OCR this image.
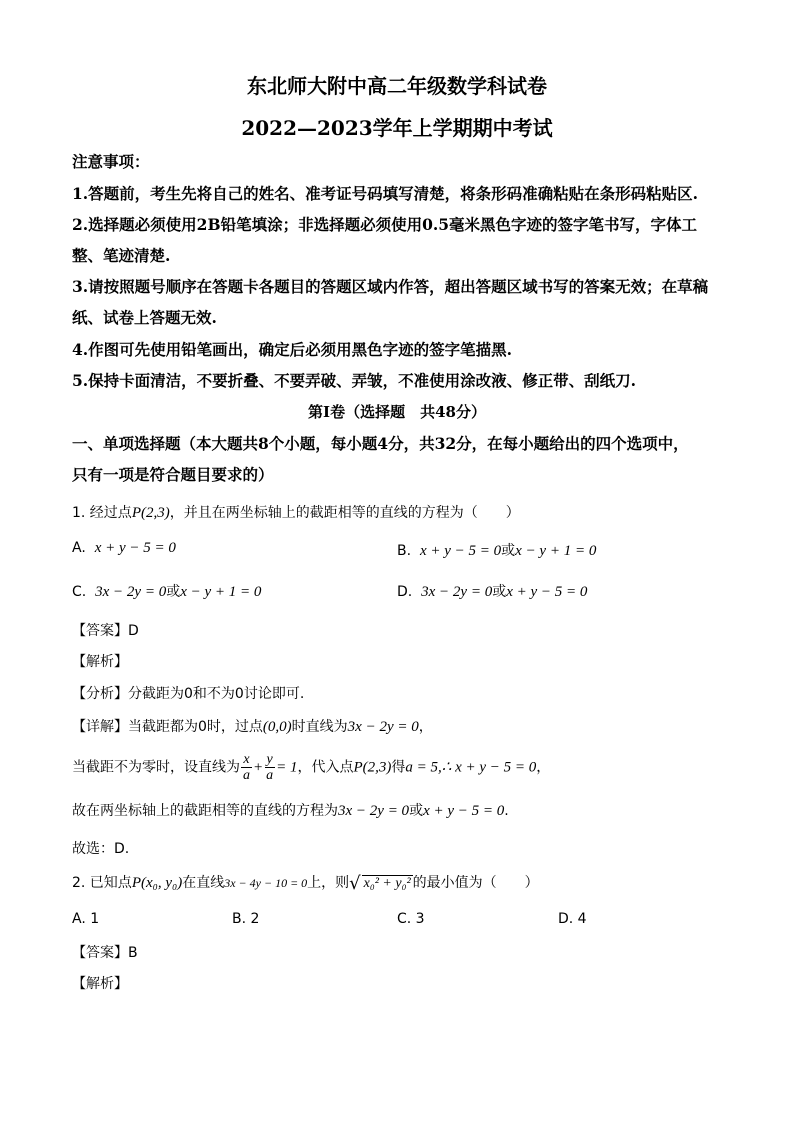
东北师大附中高二年级数学科试卷
2022—2023学年上学期期中考试
注意事项：
1.答题前，考生先将自己的姓名、准考证号码填写清楚，将条形码准确粘贴在条形码粘贴区.
2.选择题必须使用2B铅笔填涂；非选择题必须使用0.5毫米黑色字迹的签字笔书写，字体工
整、笔迹清楚.
3.请按照题号顺序在答题卡各题目的答题区域内作答，超出答题区域书写的答案无效；在草稿
纸、试卷上答题无效.
4.作图可先使用铅笔画出，确定后必须用黑色字迹的签字笔描黑.
5.保持卡面清洁，不要折叠、不要弄破、弄皱，不准使用涂改液、修正带、刮纸刀.
第Ⅰ卷（选择题　共48分）
一、单项选择题（本大题共8个小题，每小题4分，共32分，在每小题给出的四个选项中，
只有一项是符合题目要求的）
1. 经过点P(2,3)，并且在两坐标轴上的截距相等的直线的方程为（　　）
A. x + y − 5 = 0	B. x + y − 5 = 0或x − y + 1 = 0
C. 3x − 2y = 0或x − y + 1 = 0	D. 3x − 2y = 0或x + y − 5 = 0
【答案】D
【解析】
【分析】分截距为0和不为0讨论即可.
【详解】当截距都为0时，过点(0,0)时直线为3x − 2y = 0，
当截距不为零时，设直线为 $\frac{x}{a} + \frac{y}{a} = 1$，代入点P(2,3)得a = 5,∴ x + y − 5 = 0，
故在两坐标轴上的截距相等的直线的方程为3x − 2y = 0或x + y − 5 = 0.
故选：D.
2. 已知点P(x₀, y₀)在直线3x − 4y − 10 = 0上，则√ x₀² + y₀² 的最小值为（　　）
A. 1	B. 2	C. 3	D. 4
【答案】B
【解析】
